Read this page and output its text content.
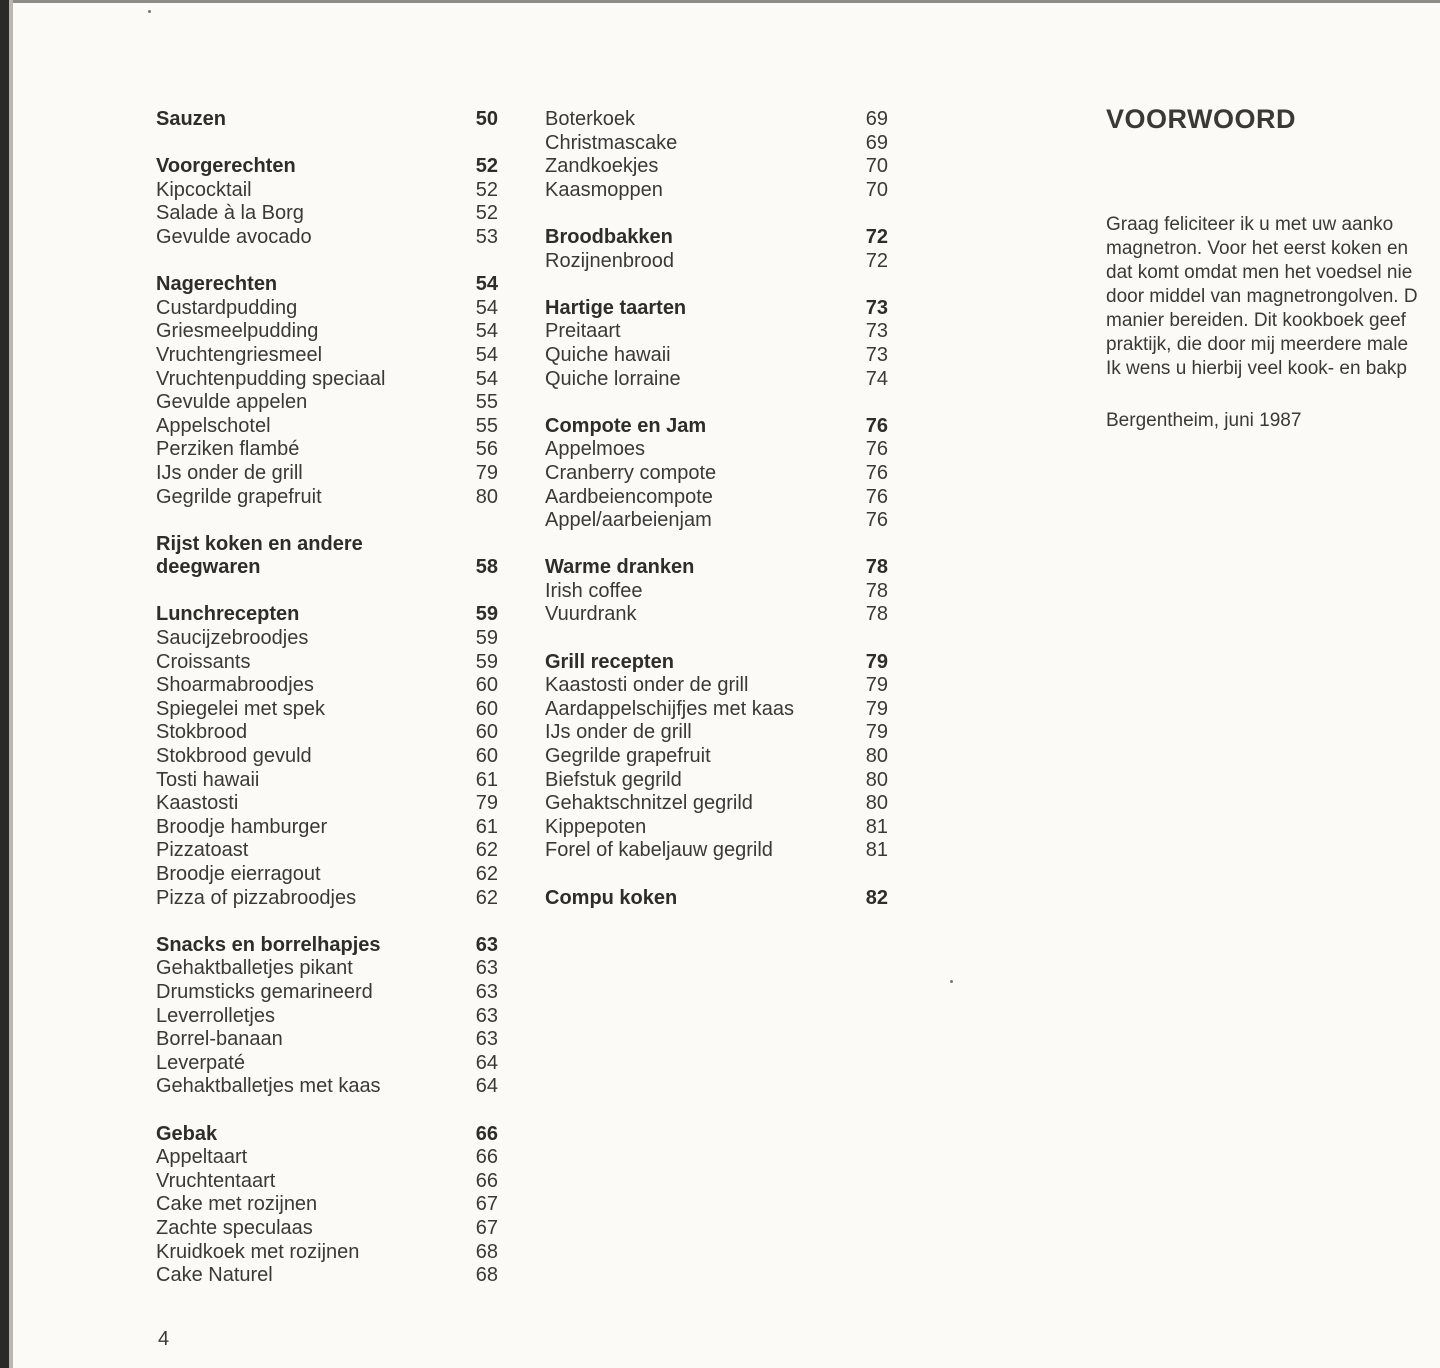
Sauzen	50
Voorgerechten	52
Kipcocktail	52
Salade à la Borg	52
Gevulde avocado	53
Nagerechten	54
Custardpudding	54
Griesmeelpudding	54
Vruchtengriesmeel	54
Vruchtenpudding speciaal	54
Gevulde appelen	55
Appelschotel	55
Perziken flambé	56
IJs onder de grill	79
Gegrilde grapefruit	80
Rijst koken en andere deegwaren	58
Lunchrecepten	59
Saucijzebroodjes	59
Croissants	59
Shoarmabroodjes	60
Spiegelei met spek	60
Stokbrood	60
Stokbrood gevuld	60
Tosti hawaii	61
Kaastosti	79
Broodje hamburger	61
Pizzatoast	62
Broodje eierragout	62
Pizza of pizzabroodjes	62
Snacks en borrelhapjes	63
Gehaktballetjes pikant	63
Drumsticks gemarineerd	63
Leverrolletjes	63
Borrel-banaan	63
Leverpaté	64
Gehaktballetjes met kaas	64
Gebak	66
Appeltaart	66
Vruchtentaart	66
Cake met rozijnen	67
Zachte speculaas	67
Kruidkoek met rozijnen	68
Cake Naturel	68
Boterkoek	69
Christmascake	69
Zandkoekjes	70
Kaasmoppen	70
Broodbakken	72
Rozijnenbrood	72
Hartige taarten	73
Preitaart	73
Quiche hawaii	73
Quiche lorraine	74
Compote en Jam	76
Appelmoes	76
Cranberry compote	76
Aardbeiencompote	76
Appel/aarbeienjam	76
Warme dranken	78
Irish coffee	78
Vuurdrank	78
Grill recepten	79
Kaastosti onder de grill	79
Aardappelschijfjes met kaas	79
IJs onder de grill	79
Gegrilde grapefruit	80
Biefstuk gegrild	80
Gehaktschnitzel gegrild	80
Kippepoten	81
Forel of kabeljauw gegrild	81
Compu koken	82
VOORWOORD
Graag feliciteer ik u met uw aanko
magnetron. Voor het eerst koken en
dat komt omdat men het voedsel nie
door middel van magnetrongolven. D
manier bereiden. Dit kookboek geef
praktijk, die door mij meerdere male
Ik wens u hierbij veel kook- en bakp
Bergentheim, juni 1987
4
